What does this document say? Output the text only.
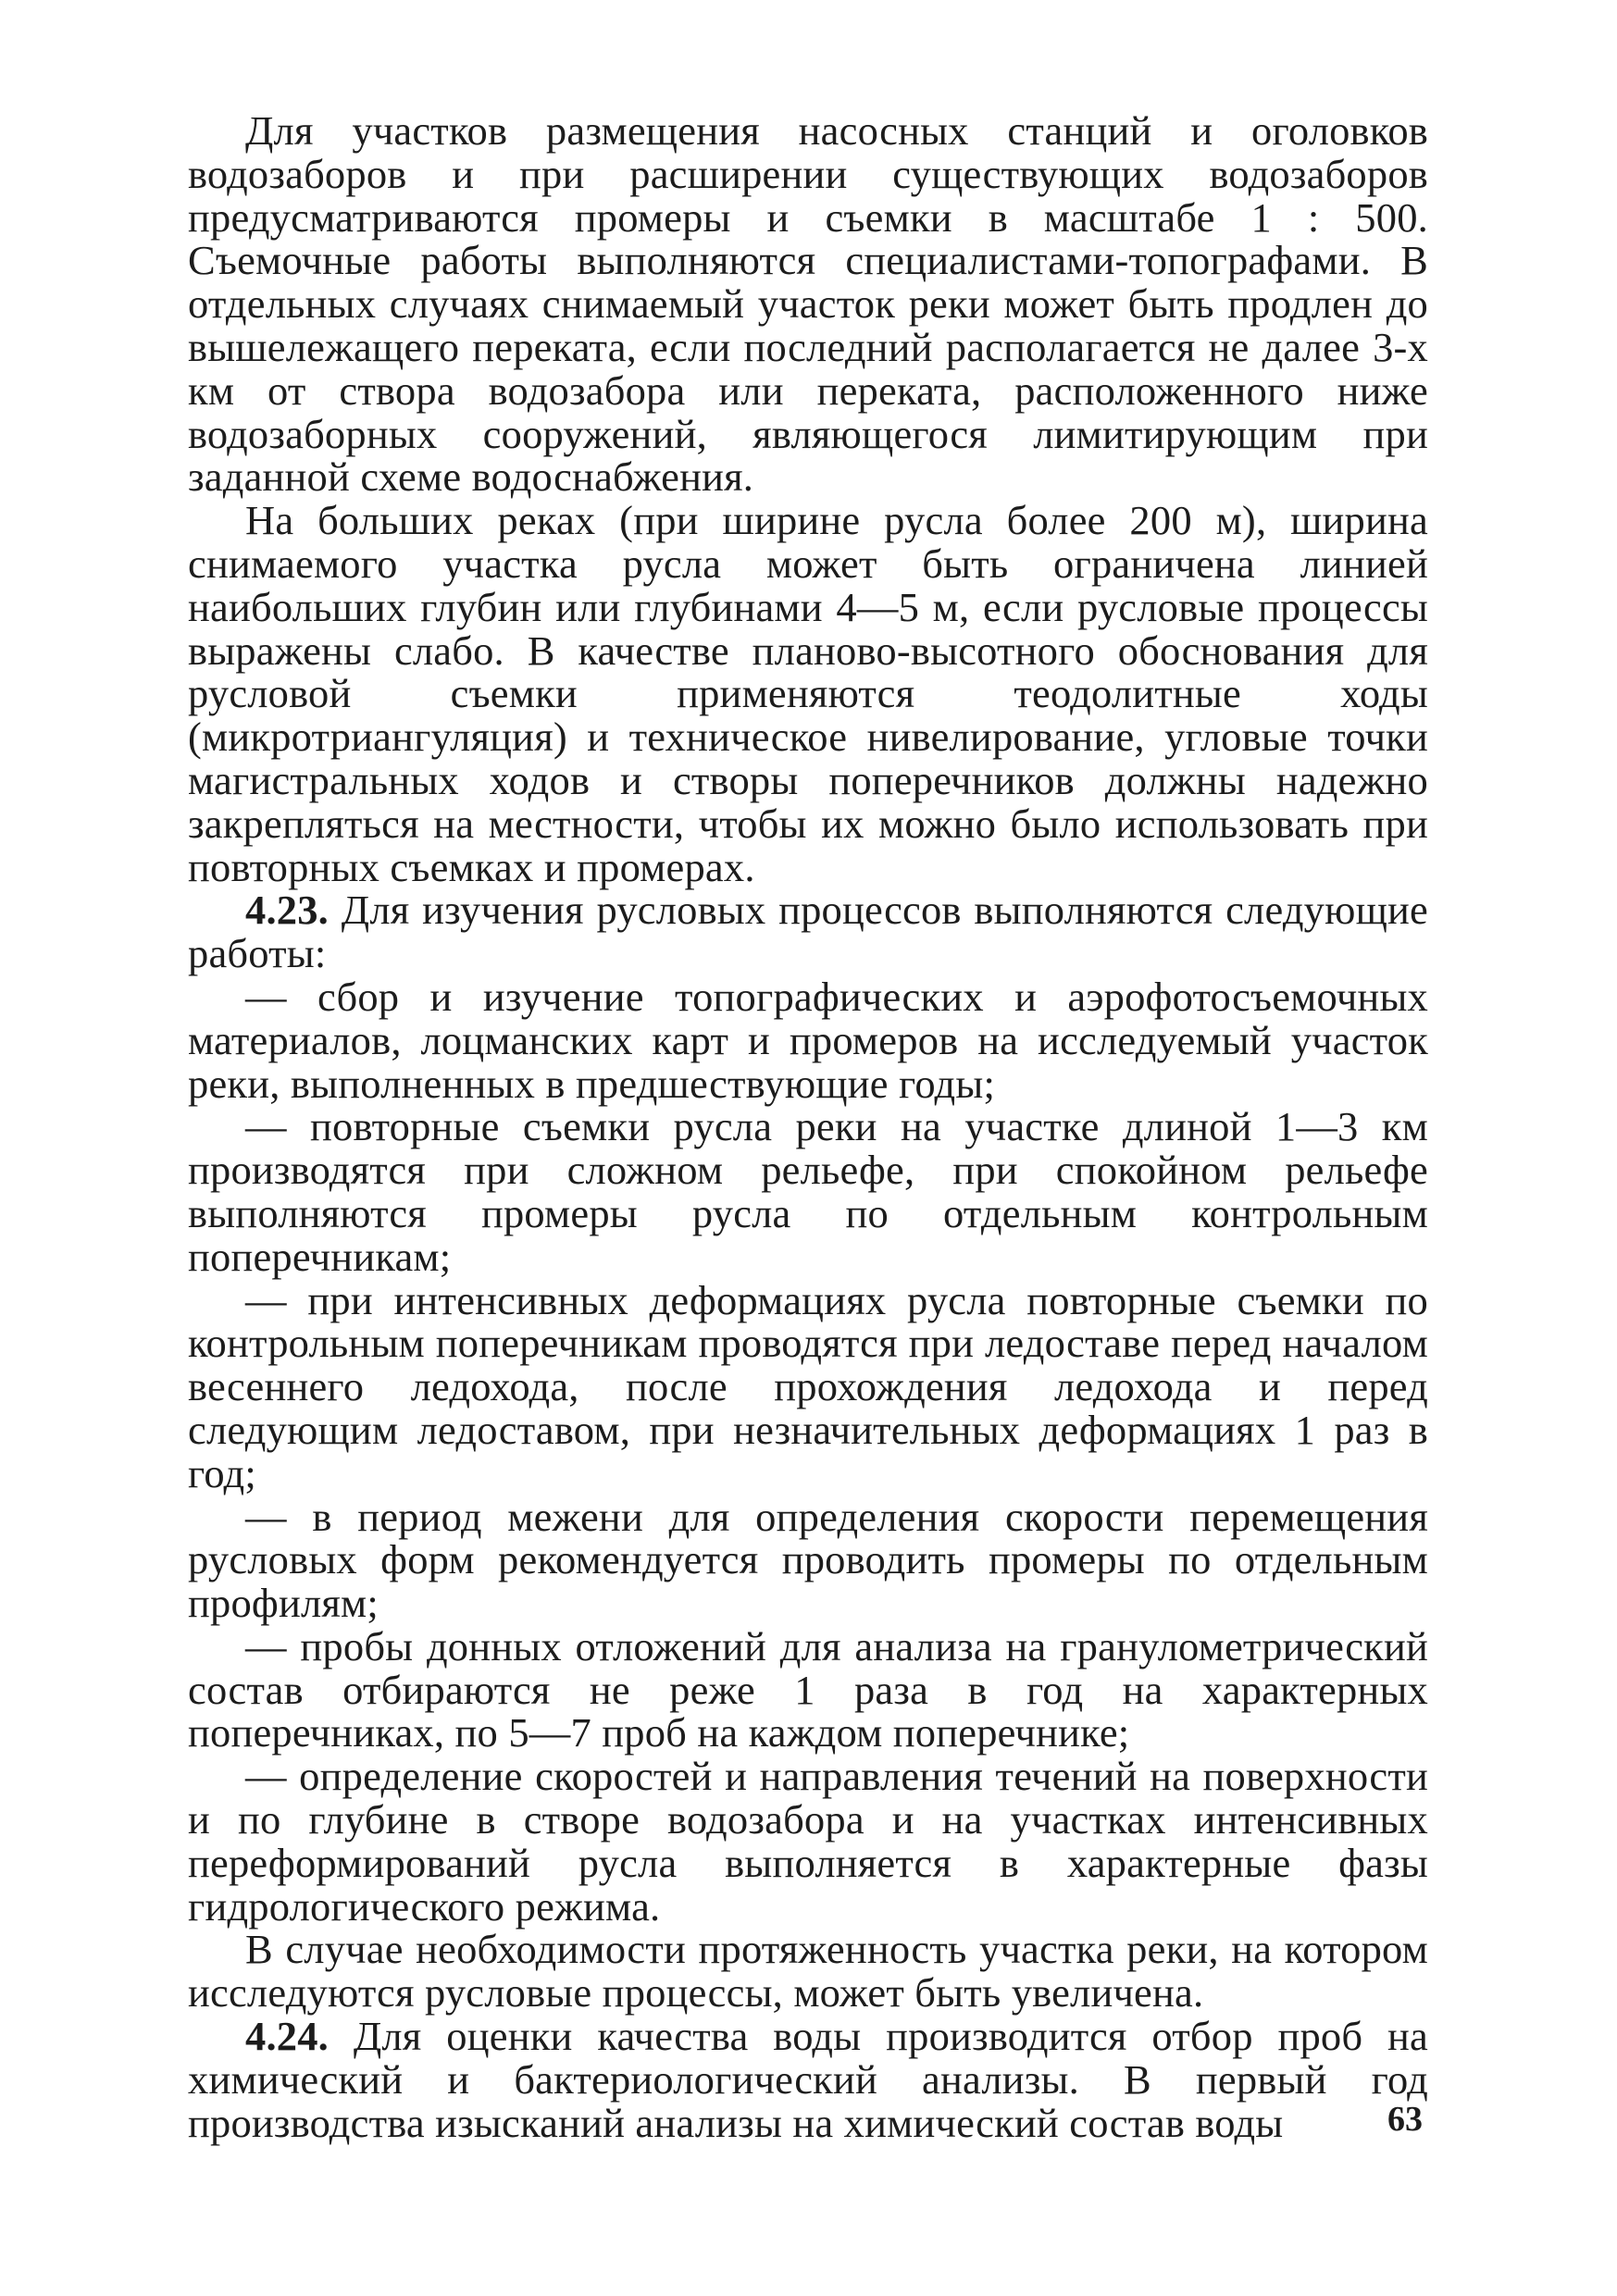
Для участков размещения насосных станций и оголовков водозаборов и при расширении существующих водозаборов предусматриваются промеры и съемки в масштабе 1 : 500. Съемочные работы выполняются специалистами-топографами. В отдельных случаях снимаемый участок реки может быть продлен до вышележащего переката, если последний располагается не далее 3-х км от створа водозабора или переката, расположенного ниже водозаборных сооружений, являющегося лимитирующим при заданной схеме водоснабжения.

На больших реках (при ширине русла более 200 м), ширина снимаемого участка русла может быть ограничена линией наибольших глубин или глубинами 4—5 м, если русловые процессы выражены слабо. В качестве планово-высотного обоснования для русловой съемки применяются теодолитные ходы (микротриангуляция) и техническое нивелирование, угловые точки магистральных ходов и створы поперечников должны надежно закрепляться на местности, чтобы их можно было использовать при повторных съемках и промерах.

4.23. Для изучения русловых процессов выполняются следующие работы:

— сбор и изучение топографических и аэрофотосъемочных материалов, лоцманских карт и промеров на исследуемый участок реки, выполненных в предшествующие годы;

— повторные съемки русла реки на участке длиной 1—3 км производятся при сложном рельефе, при спокойном рельефе выполняются промеры русла по отдельным контрольным поперечникам;

— при интенсивных деформациях русла повторные съемки по контрольным поперечникам проводятся при ледоставе перед началом весеннего ледохода, после прохождения ледохода и перед следующим ледоставом, при незначительных деформациях 1 раз в год;

— в период межени для определения скорости перемещения русловых форм рекомендуется проводить промеры по отдельным профилям;

— пробы донных отложений для анализа на гранулометрический состав отбираются не реже 1 раза в год на характерных поперечниках, по 5—7 проб на каждом поперечнике;

— определение скоростей и направления течений на поверхности и по глубине в створе водозабора и на участках интенсивных переформирований русла выполняется в характерные фазы гидрологического режима.

В случае необходимости протяженность участка реки, на котором исследуются русловые процессы, может быть увеличена.

4.24. Для оценки качества воды производится отбор проб на химический и бактериологический анализы. В первый год производства изысканий анализы на химический состав воды	63
